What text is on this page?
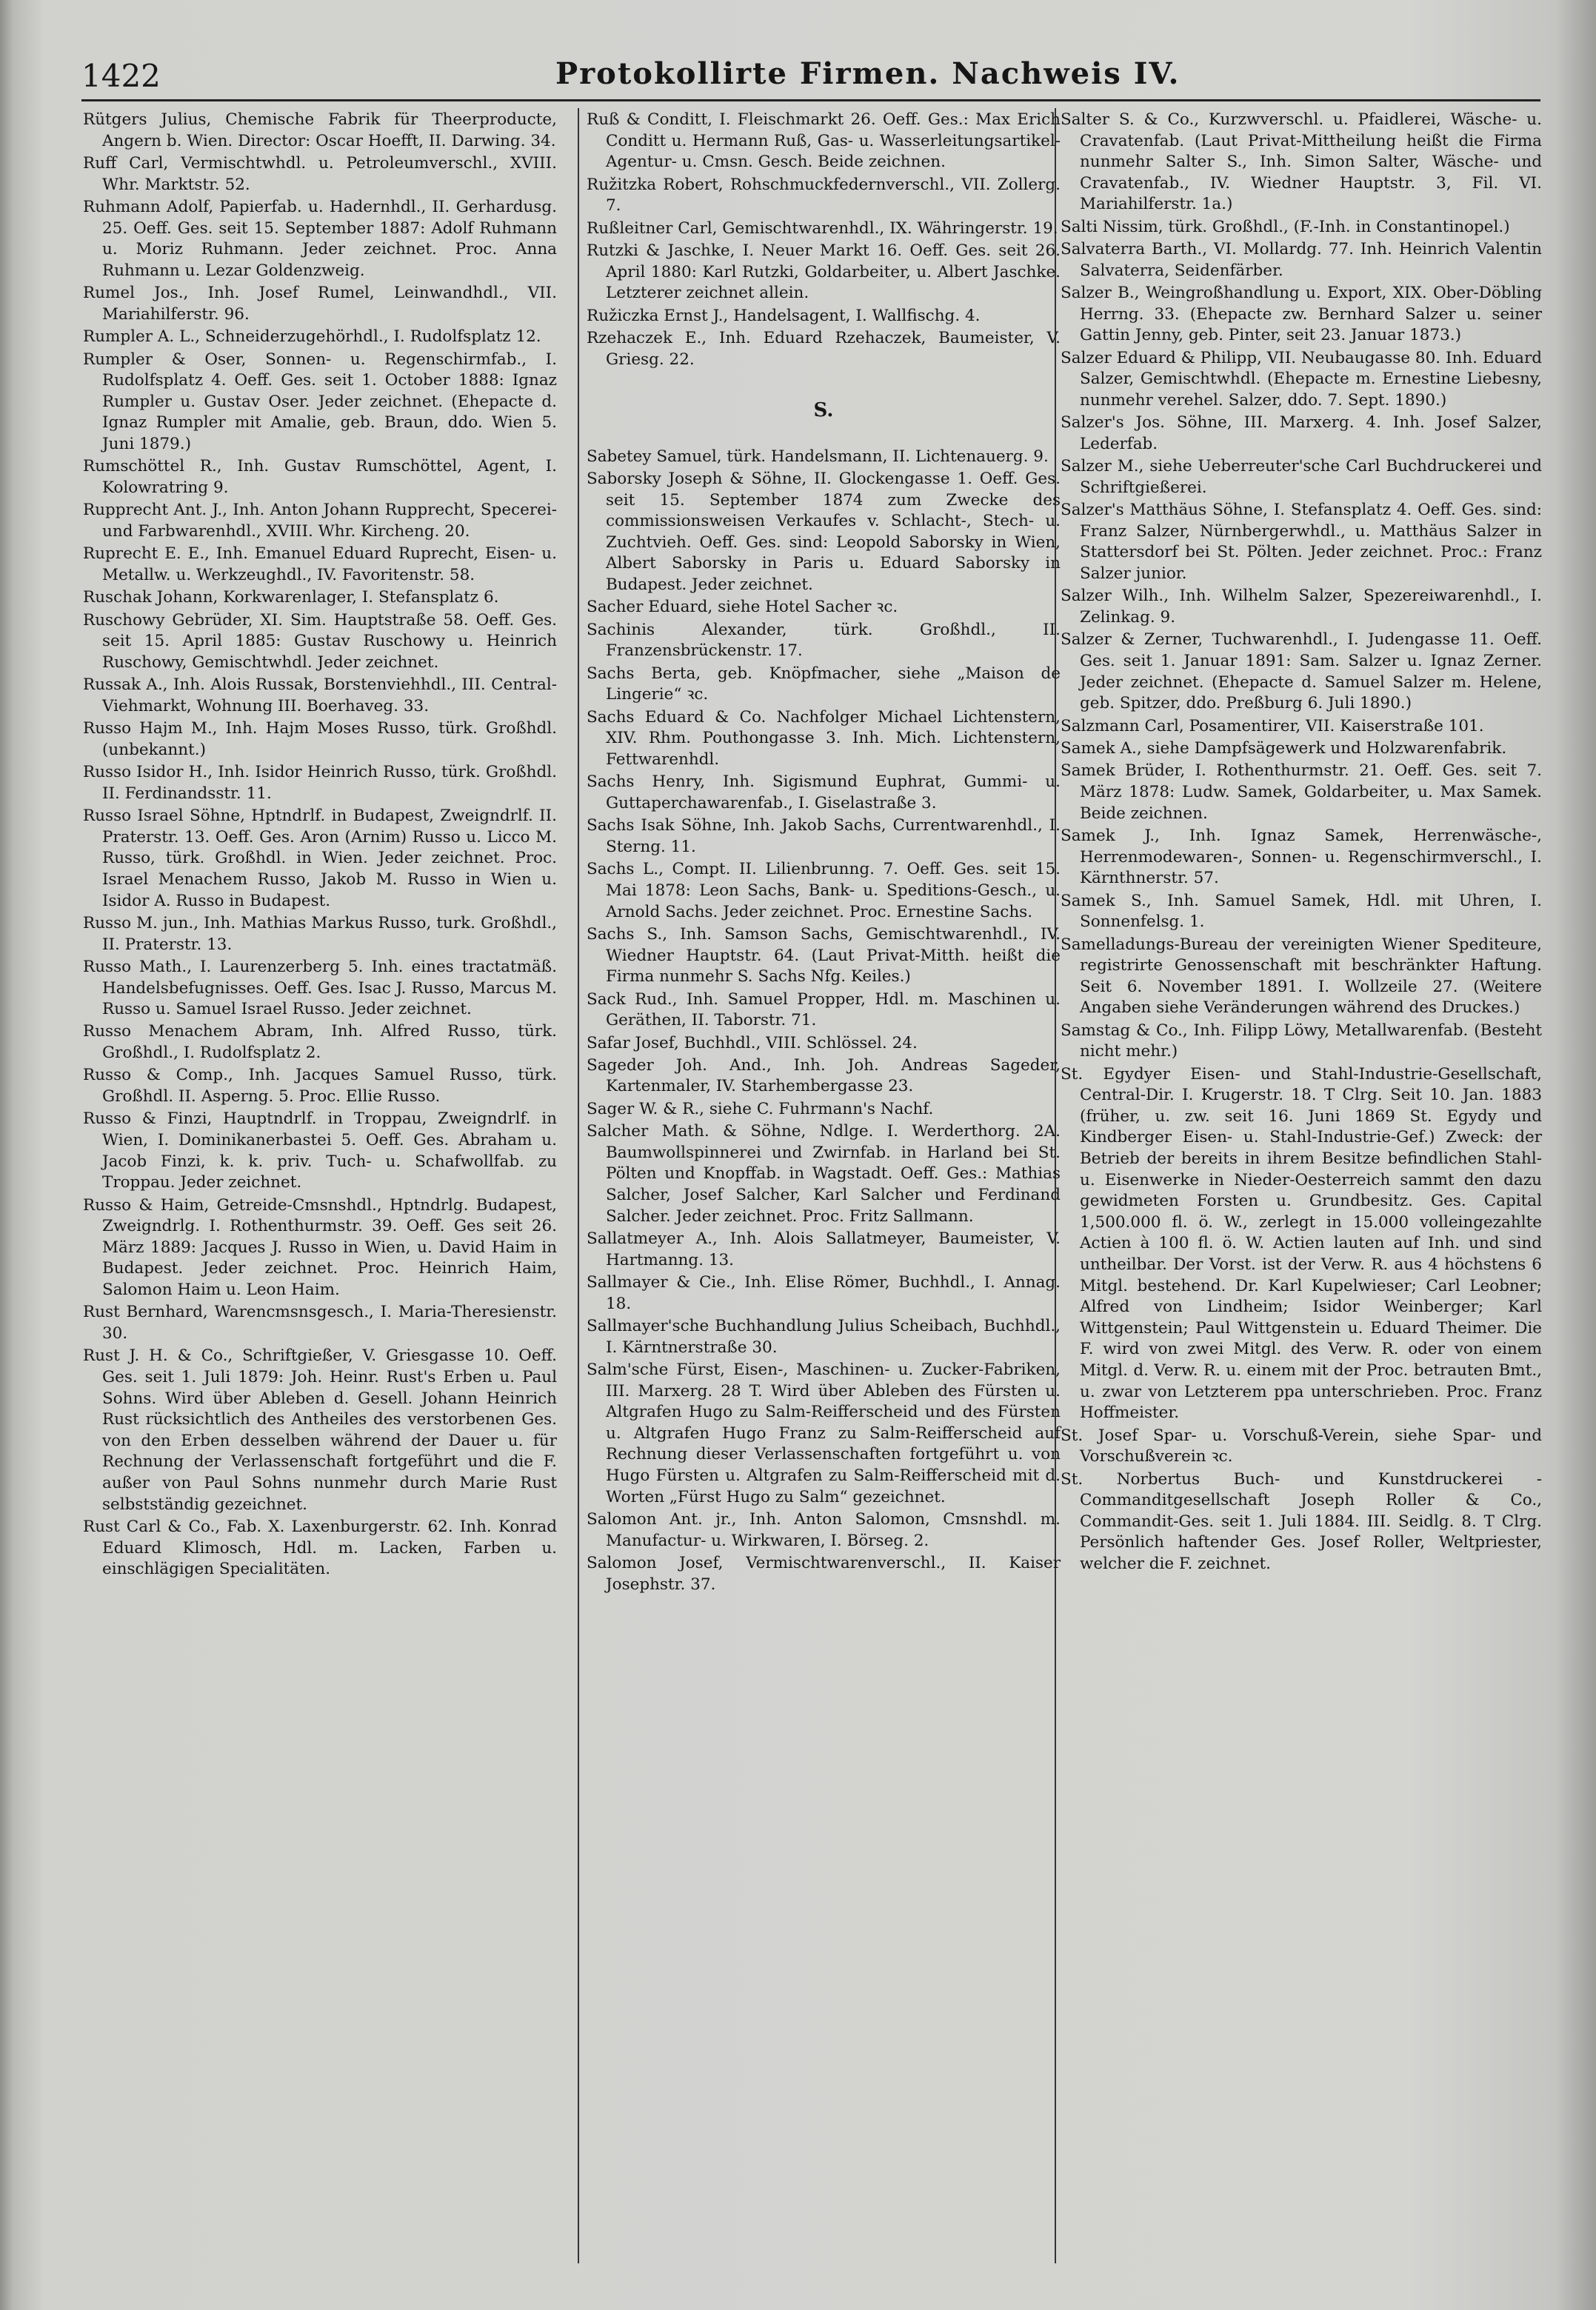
1422	Protokollirte Firmen. Nachweis IV.

Rütgers Julius, Chemische Fabrik für Theerproducte, Angern b. Wien. Director: Oscar Hoefft, II. Darwing. 34.

Ruff Carl, Vermischtwhdl. u. Petroleumverschl., XVIII. Whr. Marktstr. 52.

Ruhmann Adolf, Papierfab. u. Hadernhdl., II. Gerhardusg. 25. Oeff. Ges. seit 15. September 1887: Adolf Ruhmann u. Moriz Ruhmann. Jeder zeichnet. Proc. Anna Ruhmann u. Lezar Goldenzweig.

Rumel Jos., Inh. Josef Rumel, Leinwandhdl., VII. Mariahilferstr. 96.

Rumpler A. L., Schneiderzugehörhdl., I. Rudolfsplatz 12.

Rumpler & Oser, Sonnen- u. Regenschirmfab., I. Rudolfsplatz 4. Oeff. Ges. seit 1. October 1888: Ignaz Rumpler u. Gustav Oser. Jeder zeichnet. (Ehepacte d. Ignaz Rumpler mit Amalie, geb. Braun, ddo. Wien 5. Juni 1879.)

Rumschöttel R., Inh. Gustav Rumschöttel, Agent, I. Kolowratring 9.

Rupprecht Ant. J., Inh. Anton Johann Rupprecht, Specerei- und Farbwarenhdl., XVIII. Whr. Kircheng. 20.

Ruprecht E. E., Inh. Emanuel Eduard Ruprecht, Eisen- u. Metallw. u. Werkzeughdl., IV. Favoritenstr. 58.

Ruschak Johann, Korkwarenlager, I. Stefansplatz 6.

Ruschowy Gebrüder, XI. Sim. Hauptstraße 58. Oeff. Ges. seit 15. April 1885: Gustav Ruschowy u. Heinrich Ruschowy, Gemischtwhdl. Jeder zeichnet.

Russak A., Inh. Alois Russak, Borstenviehhdl., III. Central-Viehmarkt, Wohnung III. Boerhaveg. 33.

Russo Hajm M., Inh. Hajm Moses Russo, türk. Großhdl. (unbekannt.)

Russo Isidor H., Inh. Isidor Heinrich Russo, türk. Großhdl. II. Ferdinandsstr. 11.

Russo Israel Söhne, Hptndrlf. in Budapest, Zweigndrlf. II. Praterstr. 13. Oeff. Ges. Aron (Arnim) Russo u. Licco M. Russo, türk. Großhdl. in Wien. Jeder zeichnet. Proc. Israel Menachem Russo, Jakob M. Russo in Wien u. Isidor A. Russo in Budapest.

Russo M. jun., Inh. Mathias Markus Russo, turk. Großhdl., II. Praterstr. 13.

Russo Math., I. Laurenzerberg 5. Inh. eines tractatmäß. Handelsbefugnisses. Oeff. Ges. Isac J. Russo, Marcus M. Russo u. Samuel Israel Russo. Jeder zeichnet.

Russo Menachem Abram, Inh. Alfred Russo, türk. Großhdl., I. Rudolfsplatz 2.

Russo & Comp., Inh. Jacques Samuel Russo, türk. Großhdl. II. Asperng. 5. Proc. Ellie Russo.

Russo & Finzi, Hauptndrlf. in Troppau, Zweigndrlf. in Wien, I. Dominikanerbastei 5. Oeff. Ges. Abraham u. Jacob Finzi, k. k. priv. Tuch- u. Schafwollfab. zu Troppau. Jeder zeichnet.

Russo & Haim, Getreide-Cmsnshdl., Hptndrlg. Budapest, Zweigndrlg. I. Rothenthurmstr. 39. Oeff. Ges seit 26. März 1889: Jacques J. Russo in Wien, u. David Haim in Budapest. Jeder zeichnet. Proc. Heinrich Haim, Salomon Haim u. Leon Haim.

Rust Bernhard, Warencmsnsgesch., I. Maria-Theresienstr. 30.

Rust J. H. & Co., Schriftgießer, V. Griesgasse 10. Oeff. Ges. seit 1. Juli 1879: Joh. Heinr. Rust's Erben u. Paul Sohns. Wird über Ableben d. Gesell. Johann Heinrich Rust rücksichtlich des Antheiles des verstorbenen Ges. von den Erben desselben während der Dauer u. für Rechnung der Verlassenschaft fortgeführt und die F. außer von Paul Sohns nunmehr durch Marie Rust selbstständig gezeichnet.

Rust Carl & Co., Fab. X. Laxenburgerstr. 62. Inh. Konrad Eduard Klimosch, Hdl. m. Lacken, Farben u. einschlägigen Specialitäten.

Ruß & Conditt, I. Fleischmarkt 26. Oeff. Ges.: Max Erich Conditt u. Hermann Ruß, Gas- u. Wasserleitungsartikel-Agentur- u. Cmsn. Gesch. Beide zeichnen.

Ružitzka Robert, Rohschmuckfedernverschl., VII. Zollerg. 7.

Rußleitner Carl, Gemischtwarenhdl., IX. Währingerstr. 19.

Rutzki & Jaschke, I. Neuer Markt 16. Oeff. Ges. seit 26. April 1880: Karl Rutzki, Goldarbeiter, u. Albert Jaschke. Letzterer zeichnet allein.

Ružiczka Ernst J., Handelsagent, I. Wallfischg. 4.

Rzehaczek E., Inh. Eduard Rzehaczek, Baumeister, V. Griesg. 22.

S.

Sabetey Samuel, türk. Handelsmann, II. Lichtenauerg. 9.

Saborsky Joseph & Söhne, II. Glockengasse 1. Oeff. Ges. seit 15. September 1874 zum Zwecke des commissionsweisen Verkaufes v. Schlacht-, Stech- u. Zuchtvieh. Oeff. Ges. sind: Leopold Saborsky in Wien, Albert Saborsky in Paris u. Eduard Saborsky in Budapest. Jeder zeichnet.

Sacher Eduard, siehe Hotel Sacher ꝛc.

Sachinis Alexander, türk. Großhdl., II. Franzensbrückenstr. 17.

Sachs Berta, geb. Knöpfmacher, siehe „Maison de Lingerie“ ꝛc.

Sachs Eduard & Co. Nachfolger Michael Lichtenstern, XIV. Rhm. Pouthongasse 3. Inh. Mich. Lichtenstern, Fettwarenhdl.

Sachs Henry, Inh. Sigismund Euphrat, Gummi- u. Guttaperchawarenfab., I. Giselastraße 3.

Sachs Isak Söhne, Inh. Jakob Sachs, Currentwarenhdl., I. Sterng. 11.

Sachs L., Compt. II. Lilienbrunng. 7. Oeff. Ges. seit 15. Mai 1878: Leon Sachs, Bank- u. Speditions-Gesch., u. Arnold Sachs. Jeder zeichnet. Proc. Ernestine Sachs.

Sachs S., Inh. Samson Sachs, Gemischtwarenhdl., IV. Wiedner Hauptstr. 64. (Laut Privat-Mitth. heißt die Firma nunmehr S. Sachs Nfg. Keiles.)

Sack Rud., Inh. Samuel Propper, Hdl. m. Maschinen u. Geräthen, II. Taborstr. 71.

Safar Josef, Buchhdl., VIII. Schlössel. 24.

Sageder Joh. And., Inh. Joh. Andreas Sageder, Kartenmaler, IV. Starhembergasse 23.

Sager W. & R., siehe C. Fuhrmann's Nachf.

Salcher Math. & Söhne, Ndlge. I. Werderthorg. 2A. Baumwollspinnerei und Zwirnfab. in Harland bei St. Pölten und Knopffab. in Wagstadt. Oeff. Ges.: Mathias Salcher, Josef Salcher, Karl Salcher und Ferdinand Salcher. Jeder zeichnet. Proc. Fritz Sallmann.

Sallatmeyer A., Inh. Alois Sallatmeyer, Baumeister, V. Hartmanng. 13.

Sallmayer & Cie., Inh. Elise Römer, Buchhdl., I. Annag. 18.

Sallmayer'sche Buchhandlung Julius Scheibach, Buchhdl., I. Kärntnerstraße 30.

Salm'sche Fürst, Eisen-, Maschinen- u. Zucker-Fabriken, III. Marxerg. 28 T. Wird über Ableben des Fürsten u. Altgrafen Hugo zu Salm-Reifferscheid und des Fürsten u. Altgrafen Hugo Franz zu Salm-Reifferscheid auf Rechnung dieser Verlassenschaften fortgeführt u. von Hugo Fürsten u. Altgrafen zu Salm-Reifferscheid mit d. Worten „Fürst Hugo zu Salm“ gezeichnet.

Salomon Ant. jr., Inh. Anton Salomon, Cmsnshdl. m. Manufactur- u. Wirkwaren, I. Börseg. 2.

Salomon Josef, Vermischtwarenverschl., II. Kaiser Josephstr. 37.

Salter S. & Co., Kurzwverschl. u. Pfaidlerei, Wäsche- u. Cravatenfab. (Laut Privat-Mittheilung heißt die Firma nunmehr Salter S., Inh. Simon Salter, Wäsche- und Cravatenfab., IV. Wiedner Hauptstr. 3, Fil. VI. Mariahilferstr. 1a.)

Salti Nissim, türk. Großhdl., (F.-Inh. in Constantinopel.)

Salvaterra Barth., VI. Mollardg. 77. Inh. Heinrich Valentin Salvaterra, Seidenfärber.

Salzer B., Weingroßhandlung u. Export, XIX. Ober-Döbling Herrng. 33. (Ehepacte zw. Bernhard Salzer u. seiner Gattin Jenny, geb. Pinter, seit 23. Januar 1873.)

Salzer Eduard & Philipp, VII. Neubaugasse 80. Inh. Eduard Salzer, Gemischtwhdl. (Ehepacte m. Ernestine Liebesny, nunmehr verehel. Salzer, ddo. 7. Sept. 1890.)

Salzer's Jos. Söhne, III. Marxerg. 4. Inh. Josef Salzer, Lederfab.

Salzer M., siehe Ueberreuter'sche Carl Buchdruckerei und Schriftgießerei.

Salzer's Matthäus Söhne, I. Stefansplatz 4. Oeff. Ges. sind: Franz Salzer, Nürnbergerwhdl., u. Matthäus Salzer in Stattersdorf bei St. Pölten. Jeder zeichnet. Proc.: Franz Salzer junior.

Salzer Wilh., Inh. Wilhelm Salzer, Spezereiwarenhdl., I. Zelinkag. 9.

Salzer & Zerner, Tuchwarenhdl., I. Judengasse 11. Oeff. Ges. seit 1. Januar 1891: Sam. Salzer u. Ignaz Zerner. Jeder zeichnet. (Ehepacte d. Samuel Salzer m. Helene, geb. Spitzer, ddo. Preßburg 6. Juli 1890.)

Salzmann Carl, Posamentirer, VII. Kaiserstraße 101.

Samek A., siehe Dampfsägewerk und Holzwarenfabrik.

Samek Brüder, I. Rothenthurmstr. 21. Oeff. Ges. seit 7. März 1878: Ludw. Samek, Goldarbeiter, u. Max Samek. Beide zeichnen.

Samek J., Inh. Ignaz Samek, Herrenwäsche-, Herrenmodewaren-, Sonnen- u. Regenschirmverschl., I. Kärnthnerstr. 57.

Samek S., Inh. Samuel Samek, Hdl. mit Uhren, I. Sonnenfelsg. 1.

Samelladungs-Bureau der vereinigten Wiener Spediteure, registrirte Genossenschaft mit beschränkter Haftung. Seit 6. November 1891. I. Wollzeile 27. (Weitere Angaben siehe Veränderungen während des Druckes.)

Samstag & Co., Inh. Filipp Löwy, Metallwarenfab. (Besteht nicht mehr.)

St. Egydyer Eisen- und Stahl-Industrie-Gesellschaft, Central-Dir. I. Krugerstr. 18. T Clrg. Seit 10. Jan. 1883 (früher, u. zw. seit 16. Juni 1869 St. Egydy und Kindberger Eisen- u. Stahl-Industrie-Gef.) Zweck: der Betrieb der bereits in ihrem Besitze befindlichen Stahl- u. Eisenwerke in Nieder-Oesterreich sammt den dazu gewidmeten Forsten u. Grundbesitz. Ges. Capital 1,500.000 fl. ö. W., zerlegt in 15.000 volleingezahlte Actien à 100 fl. ö. W. Actien lauten auf Inh. und sind untheilbar. Der Vorst. ist der Verw. R. aus 4 höchstens 6 Mitgl. bestehend. Dr. Karl Kupelwieser; Carl Leobner; Alfred von Lindheim; Isidor Weinberger; Karl Wittgenstein; Paul Wittgenstein u. Eduard Theimer. Die F. wird von zwei Mitgl. des Verw. R. oder von einem Mitgl. d. Verw. R. u. einem mit der Proc. betrauten Bmt., u. zwar von Letzterem ppa unterschrieben. Proc. Franz Hoffmeister.

St. Josef Spar- u. Vorschuß-Verein, siehe Spar- und Vorschußverein ꝛc.

St. Norbertus Buch- und Kunstdruckerei - Commanditgesellschaft Joseph Roller & Co., Commandit-Ges. seit 1. Juli 1884. III. Seidlg. 8. T Clrg. Persönlich haftender Ges. Josef Roller, Weltpriester, welcher die F. zeichnet.
